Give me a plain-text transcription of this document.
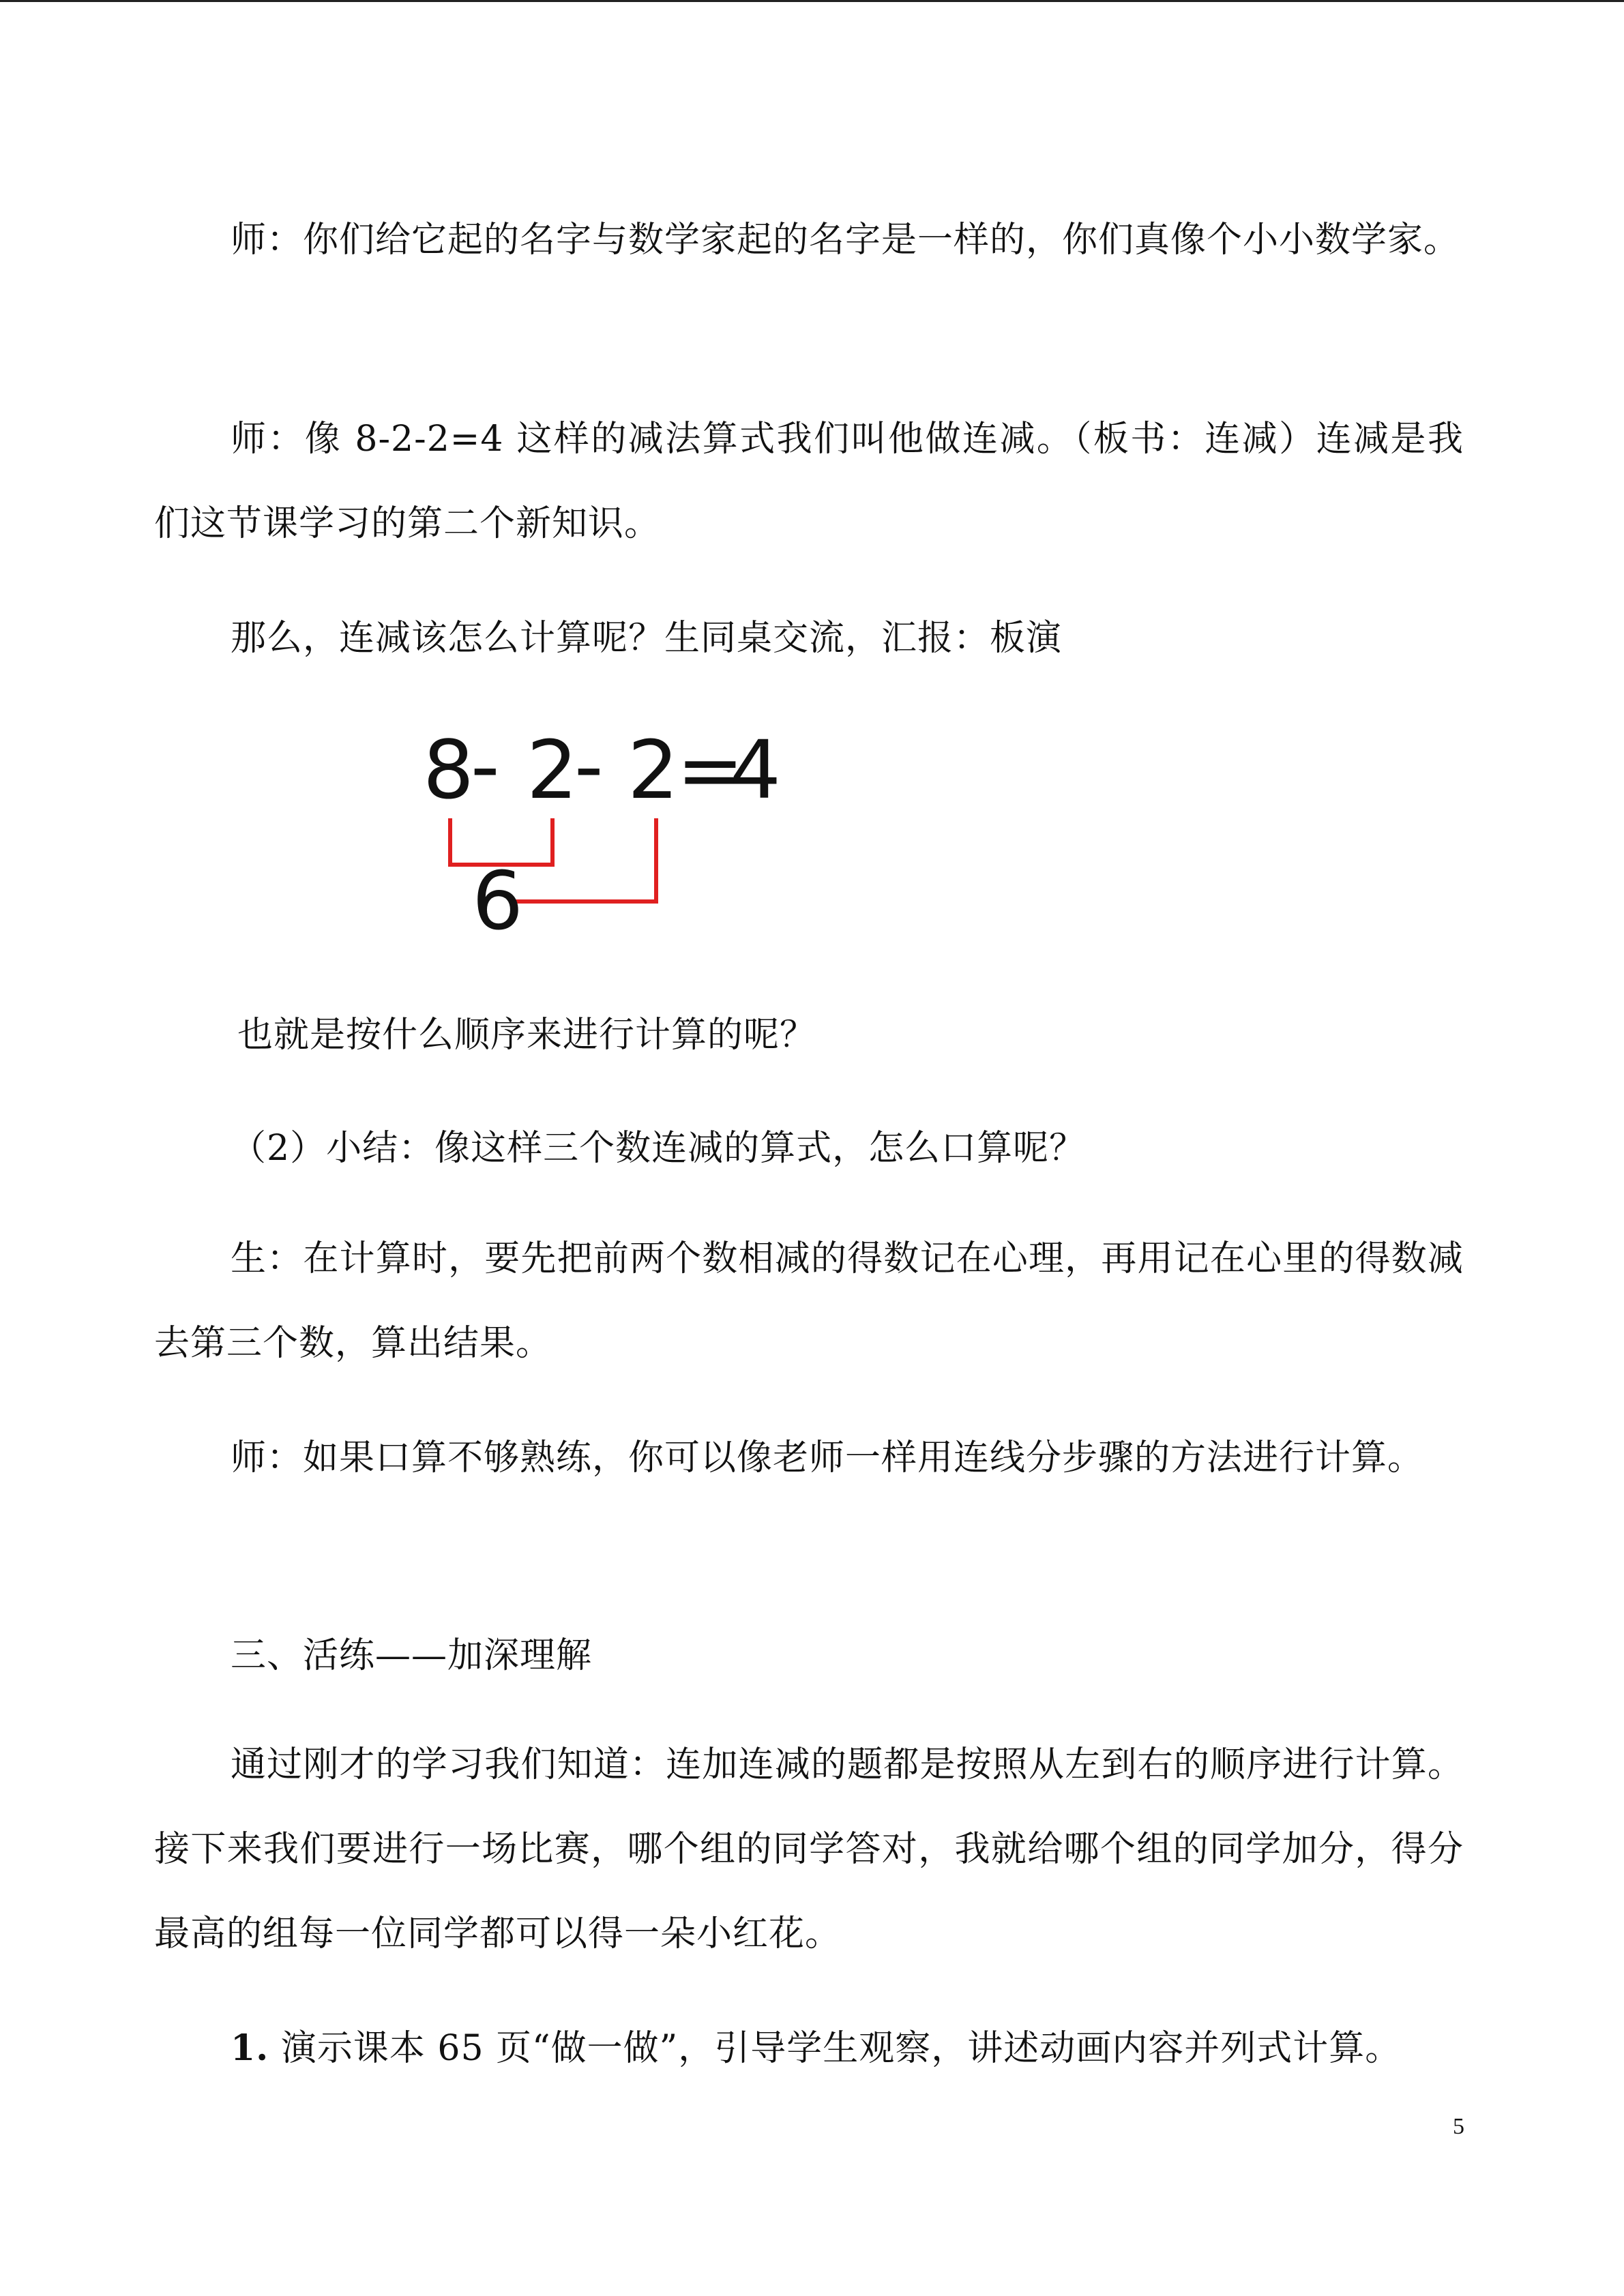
师：你们给它起的名字与数学家起的名字是一样的，你们真像个小小数学家。

师：像 8-2-2=4 这样的减法算式我们叫他做连减。（板书：连减）连减是我们这节课学习的第二个新知识。

那么，连减该怎么计算呢？生同桌交流，汇报：板演

8
- 2
- 2
=
4
6

也就是按什么顺序来进行计算的呢？

（2）小结：像这样三个数连减的算式，怎么口算呢？

生：在计算时，要先把前两个数相减的得数记在心理，再用记在心里的得数减去第三个数，算出结果。

师：如果口算不够熟练，你可以像老师一样用连线分步骤的方法进行计算。

三、活练——加深理解

通过刚才的学习我们知道：连加连减的题都是按照从左到右的顺序进行计算。接下来我们要进行一场比赛，哪个组的同学答对，我就给哪个组的同学加分，得分最高的组每一位同学都可以得一朵小红花。

1. 演示课本 65 页“做一做”，引导学生观察，讲述动画内容并列式计算。

5
